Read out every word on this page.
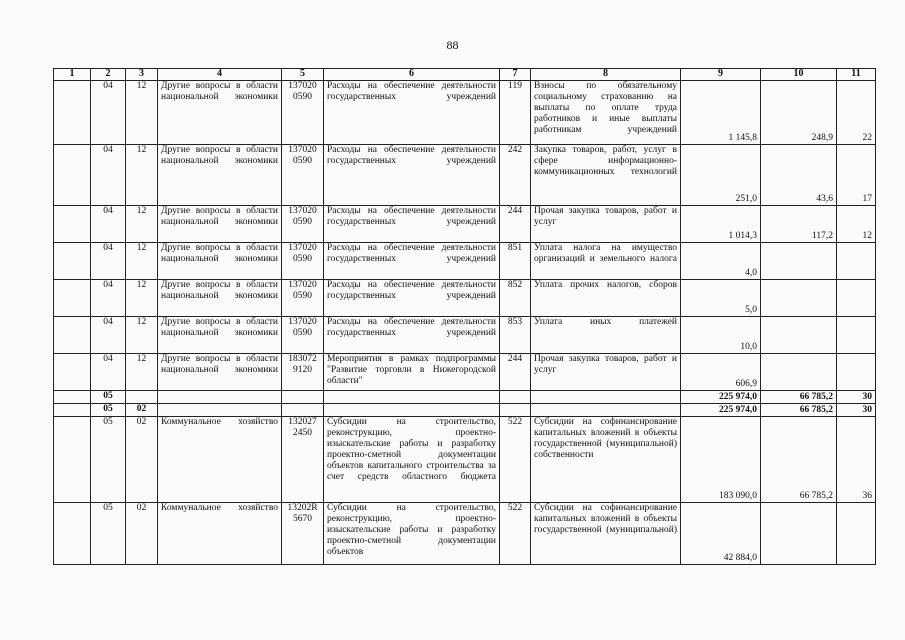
88
1	2	3	4	5	6	7	8	9	10	11
	04	12	Другие вопросы в области национальной экономики	137020 0590	Расходы на обеспечение деятельности государственных учреждений	119	Взносы по обязательному социальному страхованию на выплаты по оплате труда работников и иные выплаты работникам учреждений	1 145,8	248,9	22
	04	12	Другие вопросы в области национальной экономики	137020 0590	Расходы на обеспечение деятельности государственных учреждений	242	Закупка товаров, работ, услуг в сфере информационно-коммуникационных технологий	251,0	43,6	17
	04	12	Другие вопросы в области национальной экономики	137020 0590	Расходы на обеспечение деятельности государственных учреждений	244	Прочая закупка товаров, работ и услуг	1 014,3	117,2	12
	04	12	Другие вопросы в области национальной экономики	137020 0590	Расходы на обеспечение деятельности государственных учреждений	851	Уплата налога на имущество организаций и земельного налога	4,0		
	04	12	Другие вопросы в области национальной экономики	137020 0590	Расходы на обеспечение деятельности государственных учреждений	852	Уплата прочих налогов, сборов	5,0		
	04	12	Другие вопросы в области национальной экономики	137020 0590	Расходы на обеспечение деятельности государственных учреждений	853	Уплата иных платежей	10,0		
	04	12	Другие вопросы в области национальной экономики	183072 9120	Мероприятия в рамках подпрограммы "Развитие торговли в Нижегородской области"	244	Прочая закупка товаров, работ и услуг	606,9		
	05							225 974,0	66 785,2	30
	05	02						225 974,0	66 785,2	30
	05	02	Коммунальное хозяйство	132027 2450	Субсидии на строительство, реконструкцию, проектно-изыскательские работы и разработку проектно-сметной документации объектов капитального строительства за счет средств областного бюджета	522	Субсидии на софинансирование капитальных вложений в объекты государственной (муниципальной) собственности	183 090,0	66 785,2	36
	05	02	Коммунальное хозяйство	13202R 5670	Субсидии на строительство, реконструкцию, проектно-изыскательские работы и разработку проектно-сметной документации объектов	522	Субсидии на софинансирование капитальных вложений в объекты государственной (муниципальной)	42 884,0		
